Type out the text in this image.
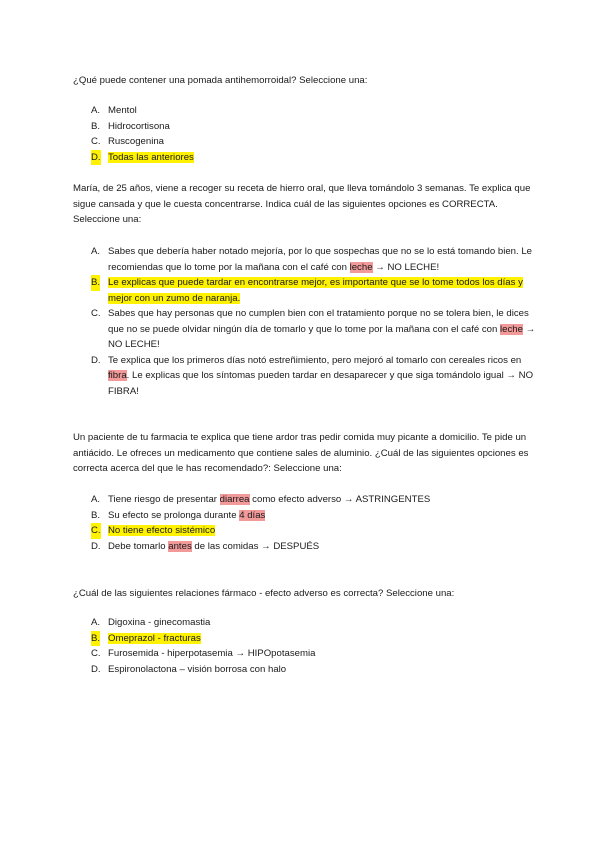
¿Qué puede contener una pomada antihemorroidal? Seleccione una:
A. Mentol
B. Hidrocortisona
C. Ruscogenina
D. Todas las anteriores
María, de 25 años, viene a recoger su receta de hierro oral, que lleva tomándolo 3 semanas. Te explica que sigue cansada y que le cuesta concentrarse. Indica cuál de las siguientes opciones es CORRECTA. Seleccione una:
A. Sabes que debería haber notado mejoría, por lo que sospechas que no se lo está tomando bien. Le recomiendas que lo tome por la mañana con el café con leche → NO LECHE!
B. Le explicas que puede tardar en encontrarse mejor, es importante que se lo tome todos los días y mejor con un zumo de naranja.
C. Sabes que hay personas que no cumplen bien con el tratamiento porque no se tolera bien, le dices que no se puede olvidar ningún día de tomarlo y que lo tome por la mañana con el café con leche → NO LECHE!
D. Te explica que los primeros días notó estreñimiento, pero mejoró al tomarlo con cereales ricos en fibra. Le explicas que los síntomas pueden tardar en desaparecer y que siga tomándolo igual → NO FIBRA!
Un paciente de tu farmacia te explica que tiene ardor tras pedir comida muy picante a domicilio. Te pide un antiácido. Le ofreces un medicamento que contiene sales de aluminio. ¿Cuál de las siguientes opciones es correcta acerca del que le has recomendado?: Seleccione una:
A. Tiene riesgo de presentar diarrea como efecto adverso → ASTRINGENTES
B. Su efecto se prolonga durante 4 días
C. No tiene efecto sistémico
D. Debe tomarlo antes de las comidas → DESPUÉS
¿Cuál de las siguientes relaciones fármaco - efecto adverso es correcta? Seleccione una:
A. Digoxina - ginecomastia
B. Omeprazol - fracturas
C. Furosemida - hiperpotasemia → HIPOpotasemia
D. Espironolactona – visión borrosa con halo
